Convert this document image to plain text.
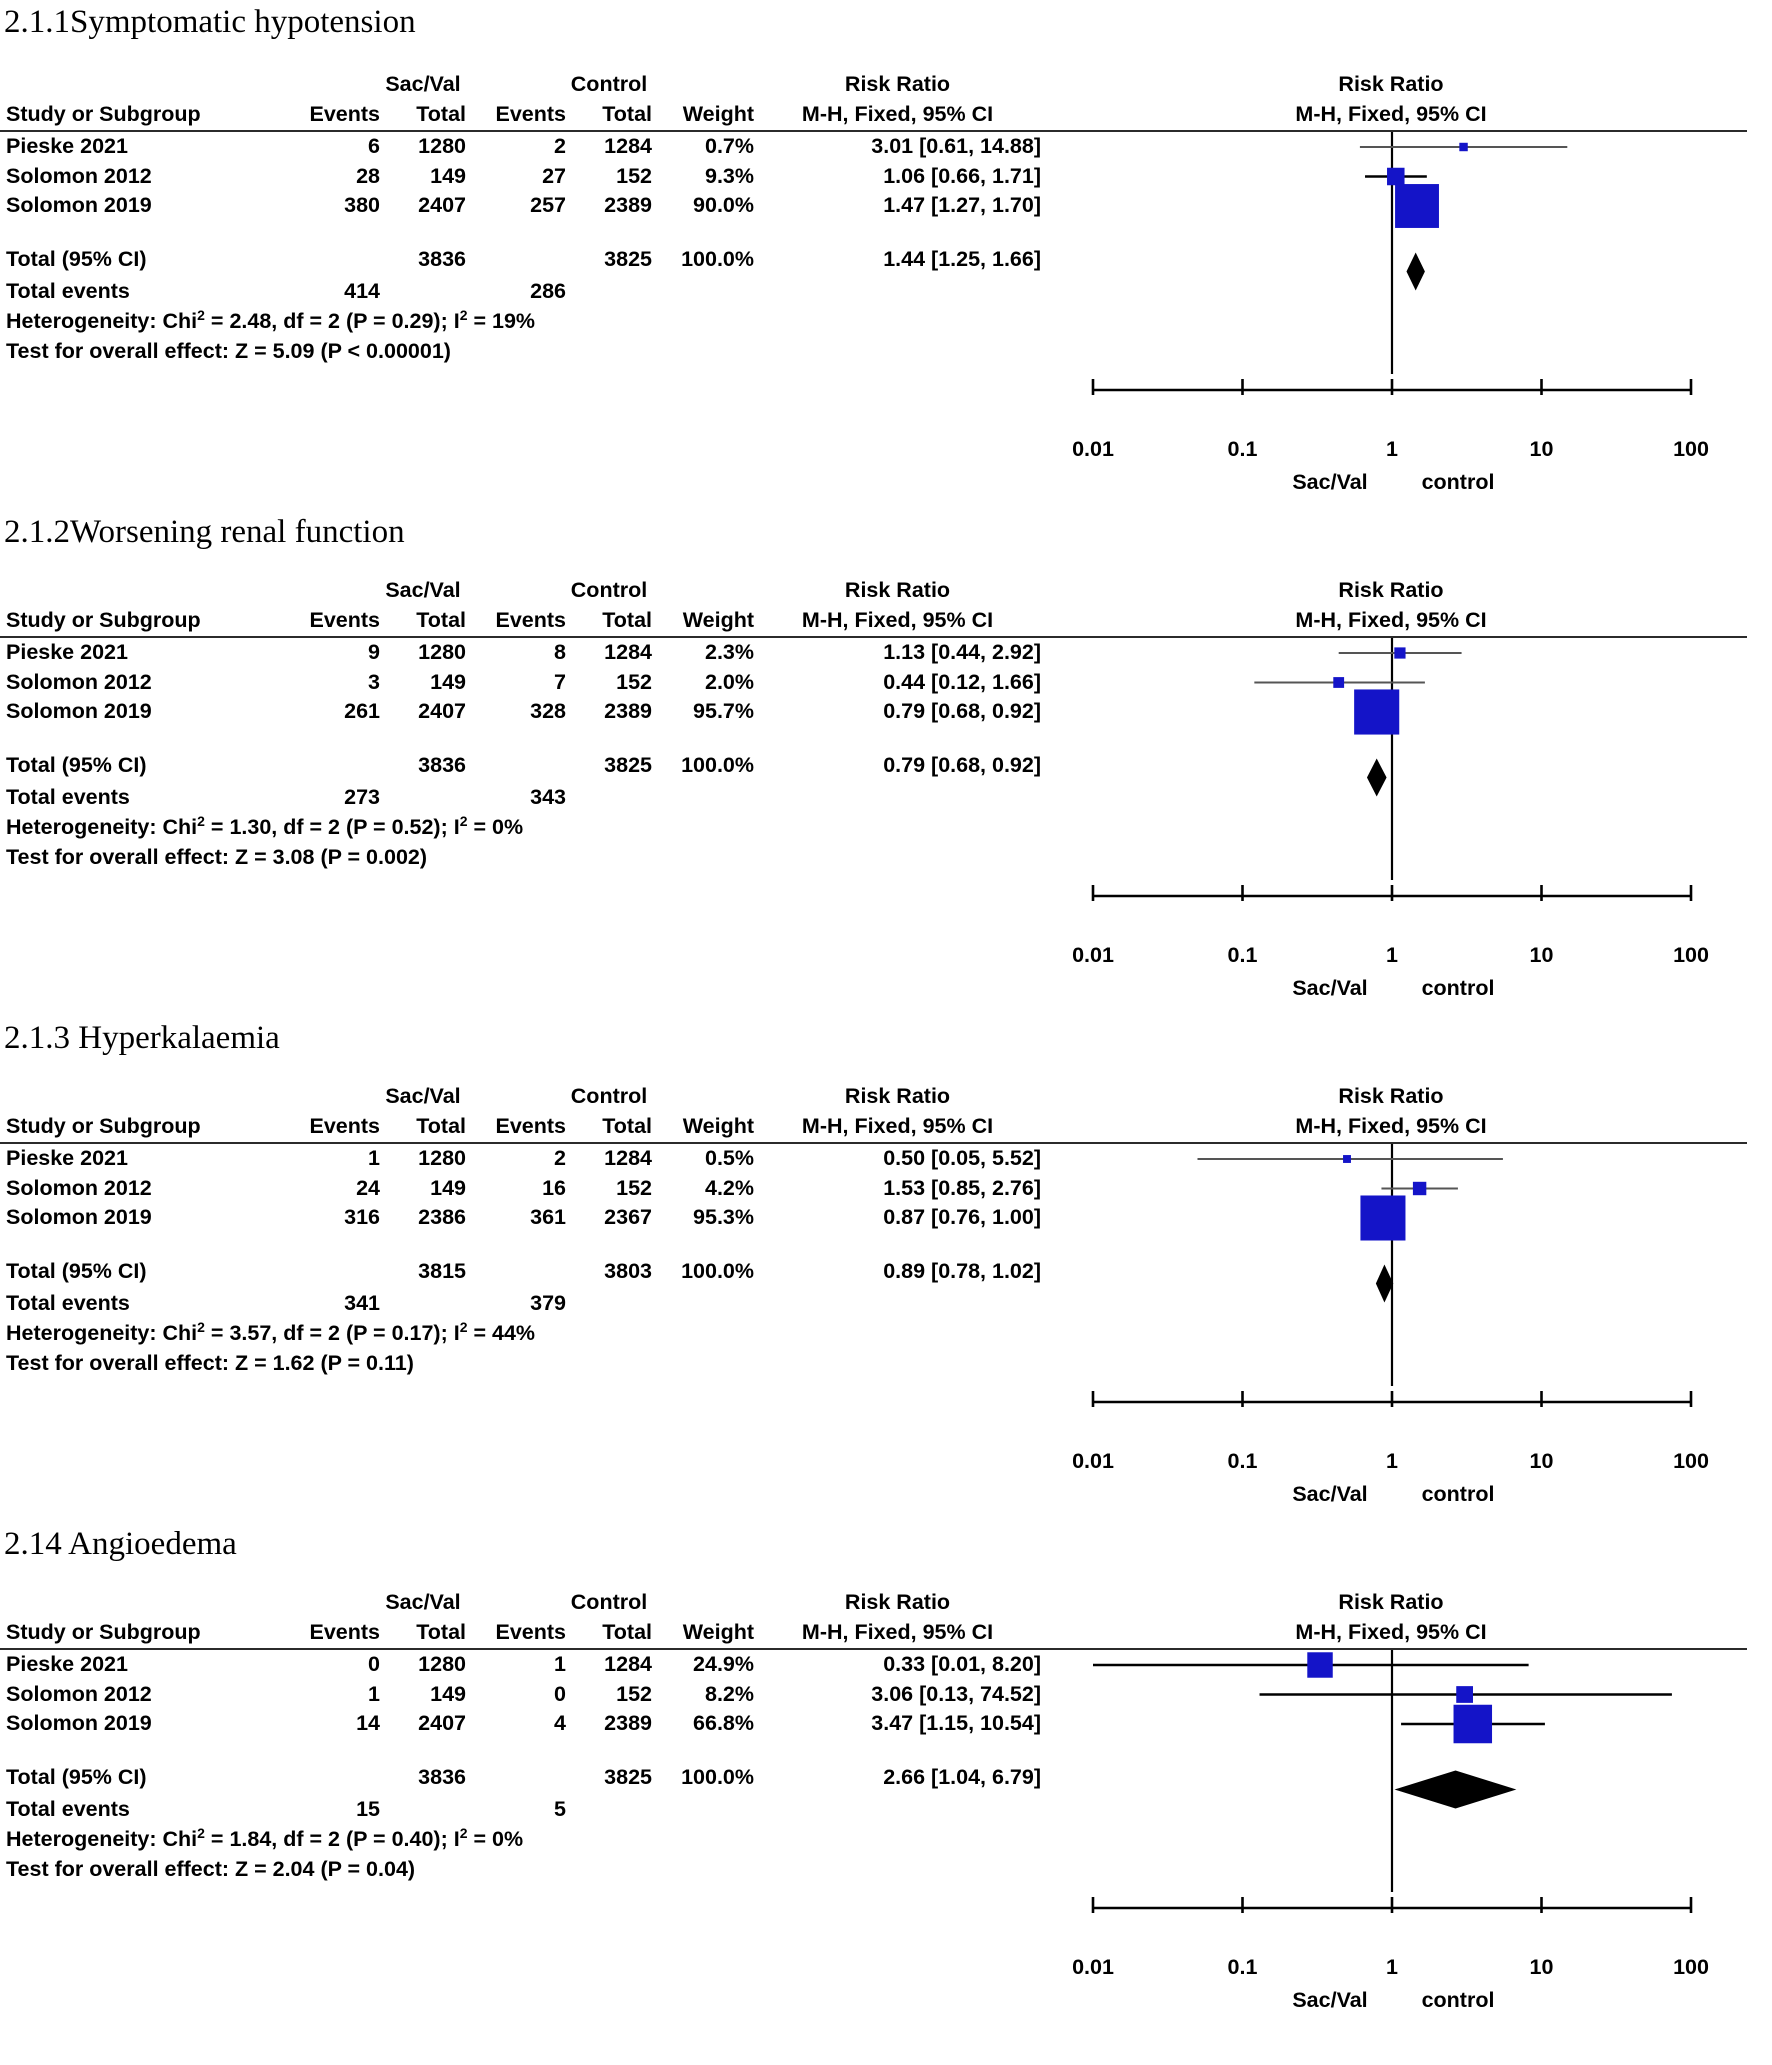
2.1.1Symptomatic hypotension
		Sac/Val		Control		Risk Ratio
Study or Subgroup	Events	Total	Events	Total	Weight	M-H, Fixed, 95% CI
Pieske 2021	6	1280	2	1284	0.7%	3.01 [0.61, 14.88]
Solomon 2012	28	149	27	152	9.3%	1.06 [0.66, 1.71]
Solomon 2019	380	2407	257	2389	90.0%	1.47 [1.27, 1.70]

Total (95% CI)		3836		3825	100.0%	1.44 [1.25, 1.66]
Total events	414		286			
Heterogeneity: Chi$^2$ = 2.48, df = 2 (P = 0.29); $I^2 = 19\%$						
Test for overall effect: Z = 5.09 (P < 0.00001)						
Risk Ratio
M-H, Fixed, 95% CI
0.01	0.1	1	10	100
Sac/Val	control
2.1.2Worsening renal function
		Sac/Val		Control		Risk Ratio
Study or Subgroup	Events	Total	Events	Total	Weight	M-H, Fixed, 95% CI
Pieske 2021	9	1280	8	1284	2.3%	1.13 [0.44, 2.92]
Solomon 2012	3	149	7	152	2.0%	0.44 [0.12, 1.66]
Solomon 2019	261	2407	328	2389	95.7%	0.79 [0.68, 0.92]

Total (95% CI)		3836		3825	100.0%	0.79 [0.68, 0.92]
Total events	273		343			
Heterogeneity: Chi$^2$ = 1.30, df = 2 (P = 0.52); $I^2 = 0\%$						
Test for overall effect: Z = 3.08 (P = 0.002)						
Risk Ratio
M-H, Fixed, 95% CI
0.01	0.1	1	10	100
Sac/Val	control
2.1.3 Hyperkalaemia
		Sac/Val		Control		Risk Ratio
Study or Subgroup	Events	Total	Events	Total	Weight	M-H, Fixed, 95% CI
Pieske 2021	1	1280	2	1284	0.5%	0.50 [0.05, 5.52]
Solomon 2012	24	149	16	152	4.2%	1.53 [0.85, 2.76]
Solomon 2019	316	2386	361	2367	95.3%	0.87 [0.76, 1.00]

Total (95% CI)		3815		3803	100.0%	0.89 [0.78, 1.02]
Total events	341		379			
Heterogeneity: Chi$^2$ = 3.57, df = 2 (P = 0.17); $I^2 = 44\%$						
Test for overall effect: Z = 1.62 (P = 0.11)						
Risk Ratio
M-H, Fixed, 95% CI
0.01	0.1	1	10	100
Sac/Val	control
2.14 Angioedema
		Sac/Val		Control		Risk Ratio
Study or Subgroup	Events	Total	Events	Total	Weight	M-H, Fixed, 95% CI
Pieske 2021	0	1280	1	1284	24.9%	0.33 [0.01, 8.20]
Solomon 2012	1	149	0	152	8.2%	3.06 [0.13, 74.52]
Solomon 2019	14	2407	4	2389	66.8%	3.47 [1.15, 10.54]

Total (95% CI)		3836		3825	100.0%	2.66 [1.04, 6.79]
Total events	15		5			
Heterogeneity: Chi$^2$ = 1.84, df = 2 (P = 0.40); $I^2 = 0\%$						
Test for overall effect: Z = 2.04 (P = 0.04)						
Risk Ratio
M-H, Fixed, 95% CI
0.01	0.1	1	10	100
Sac/Val	control
